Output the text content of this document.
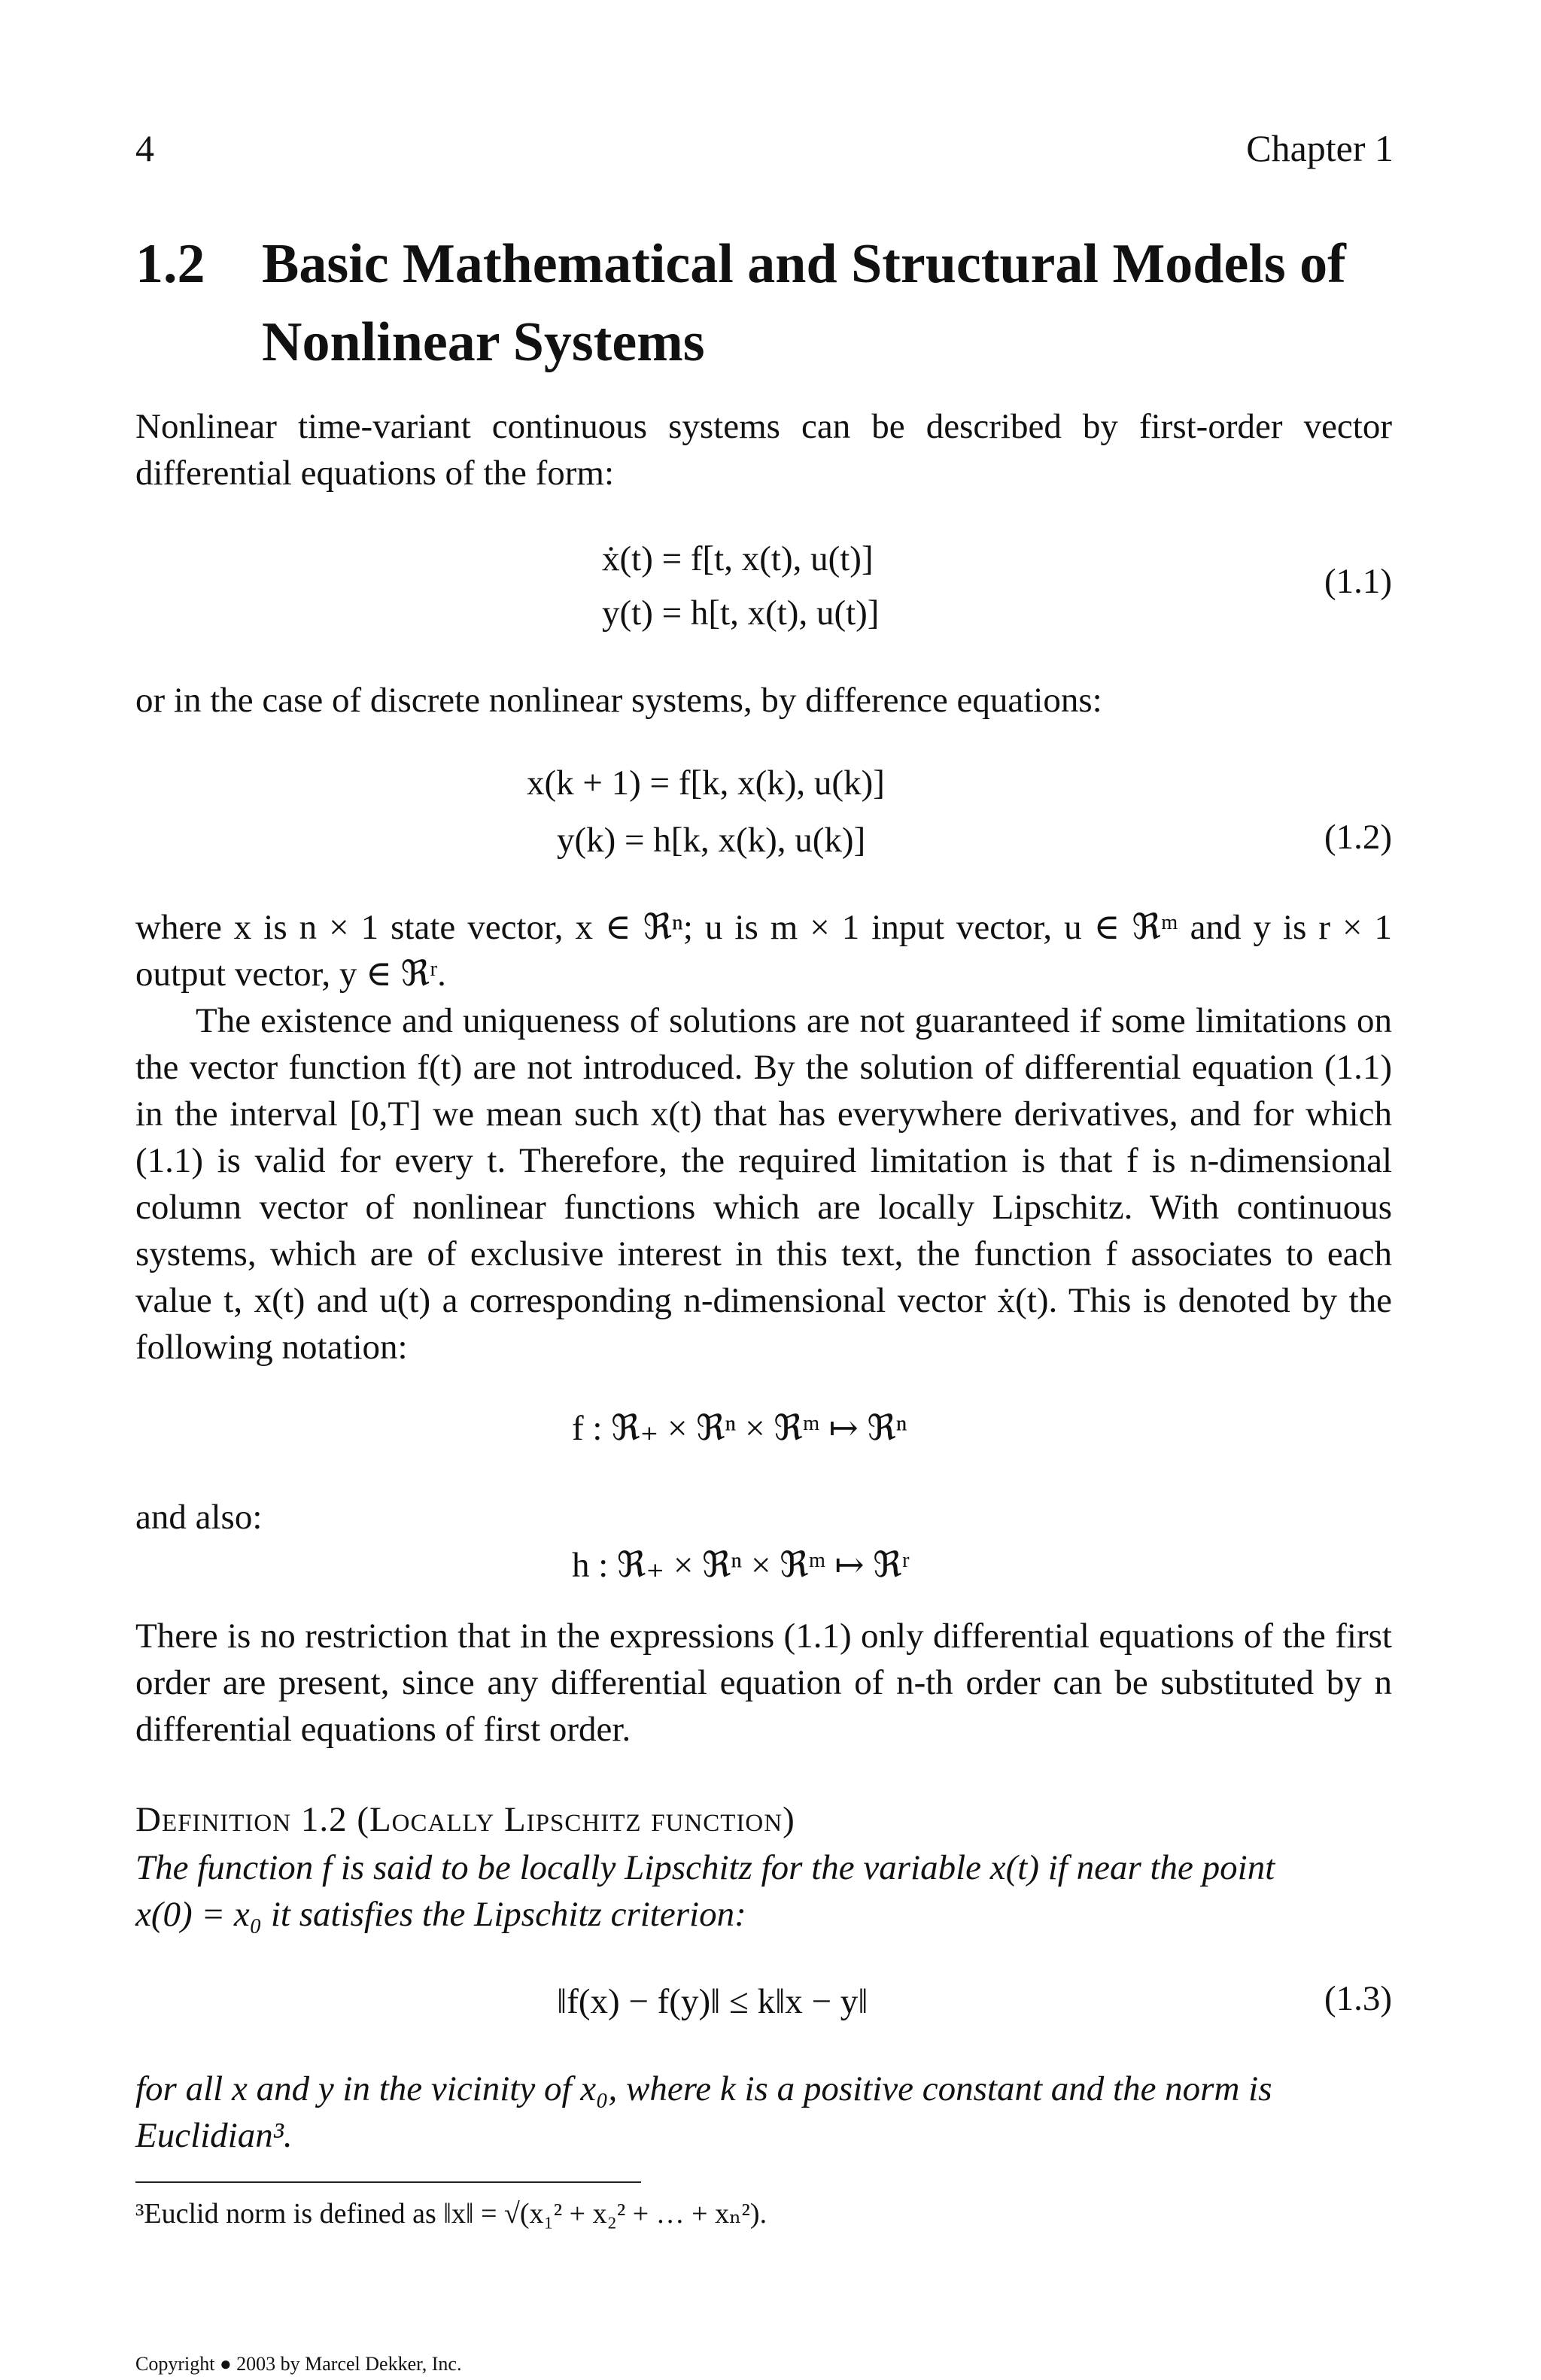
4	Chapter 1
1.2 Basic Mathematical and Structural Models of
Nonlinear Systems
Nonlinear time-variant continuous systems can be described by first-order vector differential equations of the form:
ẋ(t) = f[t, x(t), u(t)]
y(t) = h[t, x(t), u(t)]
(1.1)
or in the case of discrete nonlinear systems, by difference equations:
x(k + 1) = f[k, x(k), u(k)]
y(k) = h[k, x(k), u(k)]	(1.2)
where x is n × 1 state vector, x ∈ ℜⁿ; u is m × 1 input vector, u ∈ ℜᵐ and y is r × 1 output vector, y ∈ ℜʳ.
The existence and uniqueness of solutions are not guaranteed if some limitations on the vector function f(t) are not introduced. By the solution of differential equation (1.1) in the interval [0,T] we mean such x(t) that has everywhere derivatives, and for which (1.1) is valid for every t. Therefore, the required limitation is that f is n-dimensional column vector of nonlinear functions which are locally Lipschitz. With continuous systems, which are of exclusive interest in this text, the function f associates to each value t, x(t) and u(t) a corresponding n-dimensional vector ẋ(t). This is denoted by the following notation:
f : ℜ₊ × ℜⁿ × ℜᵐ ↦ ℜⁿ
and also:
h : ℜ₊ × ℜⁿ × ℜᵐ ↦ ℜʳ
There is no restriction that in the expressions (1.1) only differential equations of the first order are present, since any differential equation of n-th order can be substituted by n differential equations of first order.
Definition 1.2 (Locally Lipschitz function)
The function f is said to be locally Lipschitz for the variable x(t) if near the point
x(0) = x₀ it satisfies the Lipschitz criterion:
‖f(x) − f(y)‖ ≤ k‖x − y‖	(1.3)
for all x and y in the vicinity of x₀, where k is a positive constant and the norm is
Euclidian³.
³Euclid norm is defined as ‖x‖ = √(x₁² + x₂² + … + xₙ²).
Copyright ● 2003 by Marcel Dekker, Inc.
